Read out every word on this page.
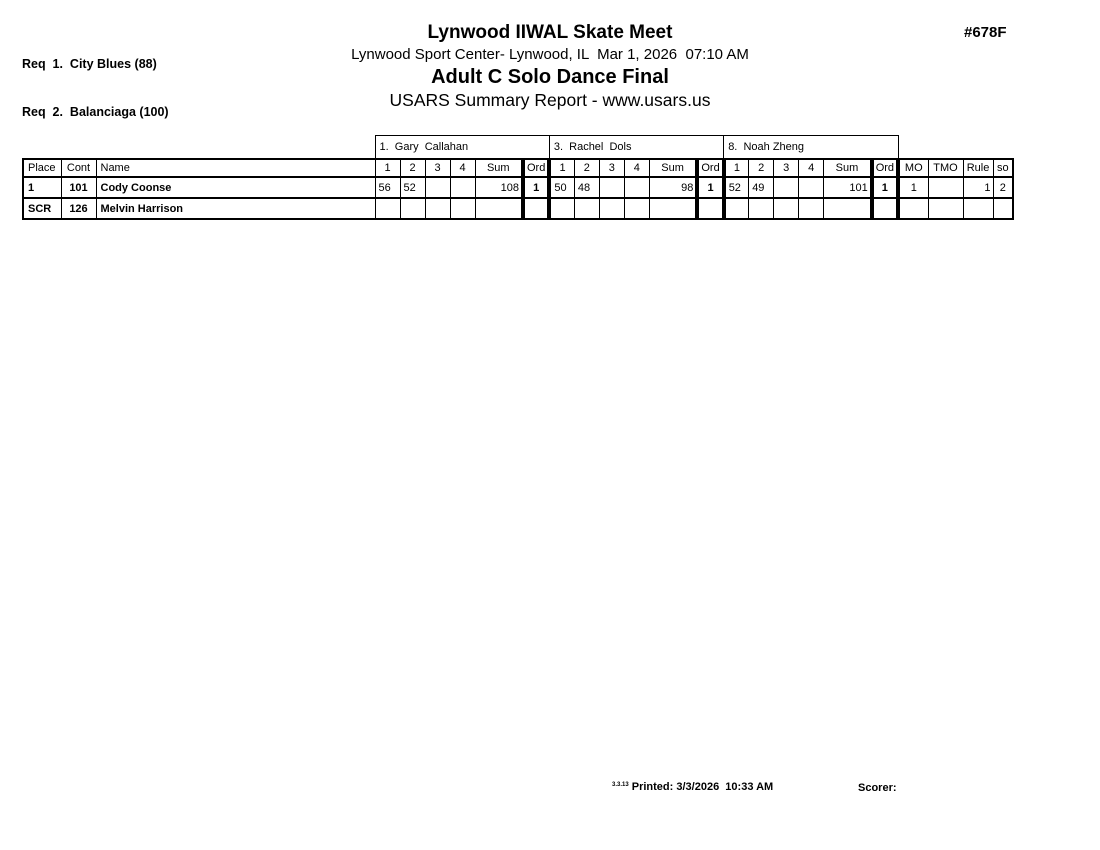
Req  1.  City Blues (88)

Req  2.  Balanciaga (100)

#678F
Lynwood IIWAL Skate Meet
Lynwood Sport Center- Lynwood, IL  Mar 1, 2026  07:10 AM
Adult C Solo Dance Final
USARS Summary Report - www.usars.us
			1.  Gary  Callahan						3.  Rachel  Dols						8.  Noah Zheng									
Place	Cont	Name	1	2	3	4	Sum	Ord	1	2	3	4	Sum	Ord	1	2	3	4	Sum	Ord	MO	TMO	Rule	so
1	101	Cody Coonse	56	52			108	1	50	48			98	1	52	49			101	1	1		1	2
SCR	126	Melvin Harrison																						
$^{3.3.13}$ Printed: 3/3/2026  10:33 AM	Scorer:
